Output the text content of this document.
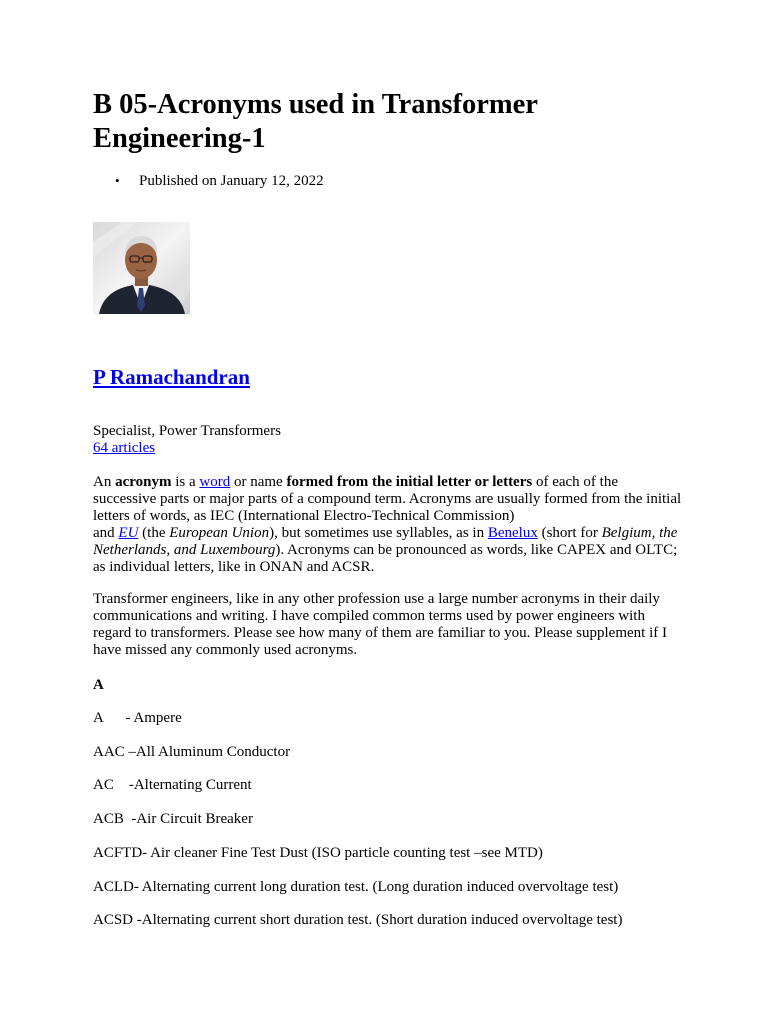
B 05-Acronyms used in Transformer Engineering-1
• Published on January 12, 2022
P Ramachandran
Specialist, Power Transformers
64 articles

An acronym is a word or name formed from the initial letter or letters of each of the successive parts or major parts of a compound term. Acronyms are usually formed from the initial letters of words, as IEC (International Electro-Technical Commission)
and EU (the European Union), but sometimes use syllables, as in Benelux (short for Belgium, the Netherlands, and Luxembourg). Acronyms can be pronounced as words, like CAPEX and OLTC; as individual letters, like in ONAN and ACSR.

Transformer engineers, like in any other profession use a large number acronyms in their daily communications and writing. I have compiled common terms used by power engineers with regard to transformers. Please see how many of them are familiar to you. Please supplement if I have missed any commonly used acronyms.

A
A      - Ampere
AAC –All Aluminum Conductor
AC    -Alternating Current
ACB  -Air Circuit Breaker
ACFTD- Air cleaner Fine Test Dust (ISO particle counting test –see MTD)
ACLD- Alternating current long duration test. (Long duration induced overvoltage test)
ACSD -Alternating current short duration test. (Short duration induced overvoltage test)
